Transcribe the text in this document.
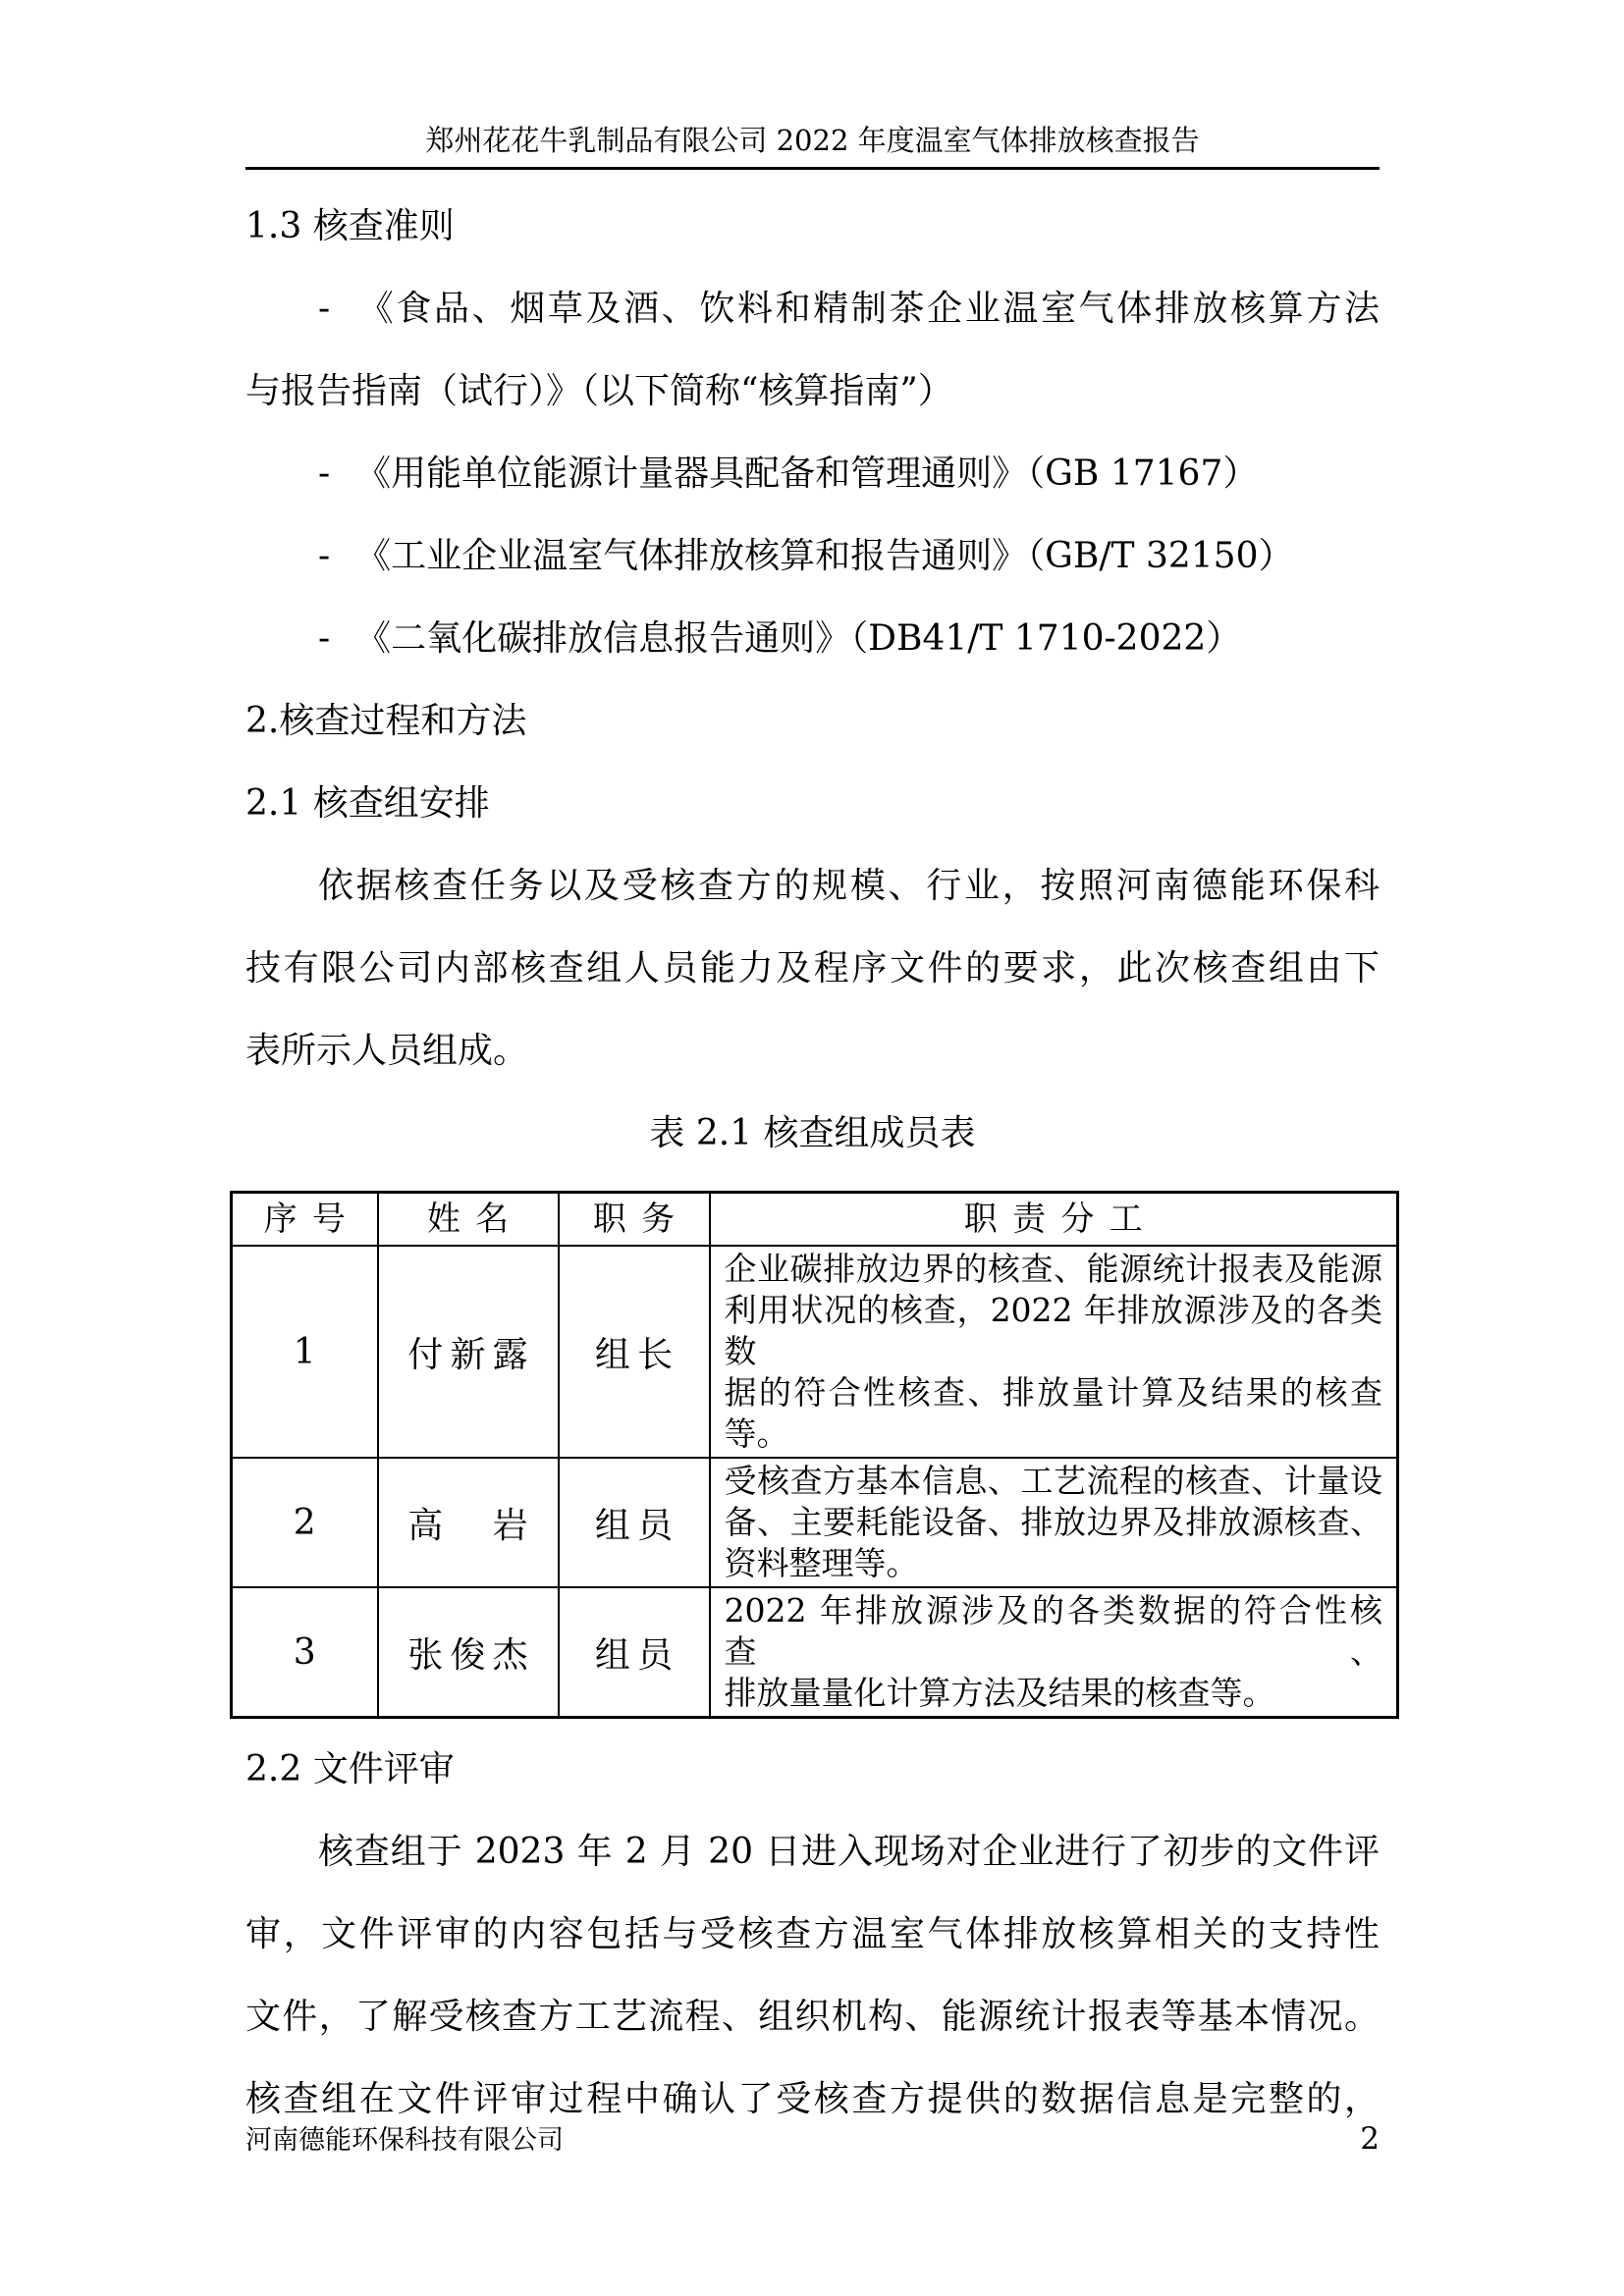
郑州花花牛乳制品有限公司 2022 年度温室气体排放核查报告
1.3 核查准则
- 《食品、烟草及酒、饮料和精制茶企业温室气体排放核算方法
与报告指南（试行）》（以下简称“核算指南”）
- 《用能单位能源计量器具配备和管理通则》（GB 17167）
- 《工业企业温室气体排放核算和报告通则》（GB/T 32150）
- 《二氧化碳排放信息报告通则》（DB41/T 1710-2022）
2.核查过程和方法
2.1 核查组安排
依据核查任务以及受核查方的规模、行业，按照河南德能环保科
技有限公司内部核查组人员能力及程序文件的要求，此次核查组由下
表所示人员组成。
表 2.1 核查组成员表
序号	姓名	职务	职责分工
1	付新露	组长	企业碳排放边界的核查、能源统计报表及能源
利用状况的核查，2022 年排放源涉及的各类数
据的符合性核查、排放量计算及结果的核查
等。

2	高　岩	组员	受核查方基本信息、工艺流程的核查、计量设
备、主要耗能设备、排放边界及排放源核查、
资料整理等。

3	张俊杰	组员	2022 年排放源涉及的各类数据的符合性核查、
排放量量化计算方法及结果的核查等。
2.2 文件评审
核查组于 2023 年 2 月 20 日进入现场对企业进行了初步的文件评
审，文件评审的内容包括与受核查方温室气体排放核算相关的支持性
文件，了解受核查方工艺流程、组织机构、能源统计报表等基本情况。
核查组在文件评审过程中确认了受核查方提供的数据信息是完整的，
河南德能环保科技有限公司	2
